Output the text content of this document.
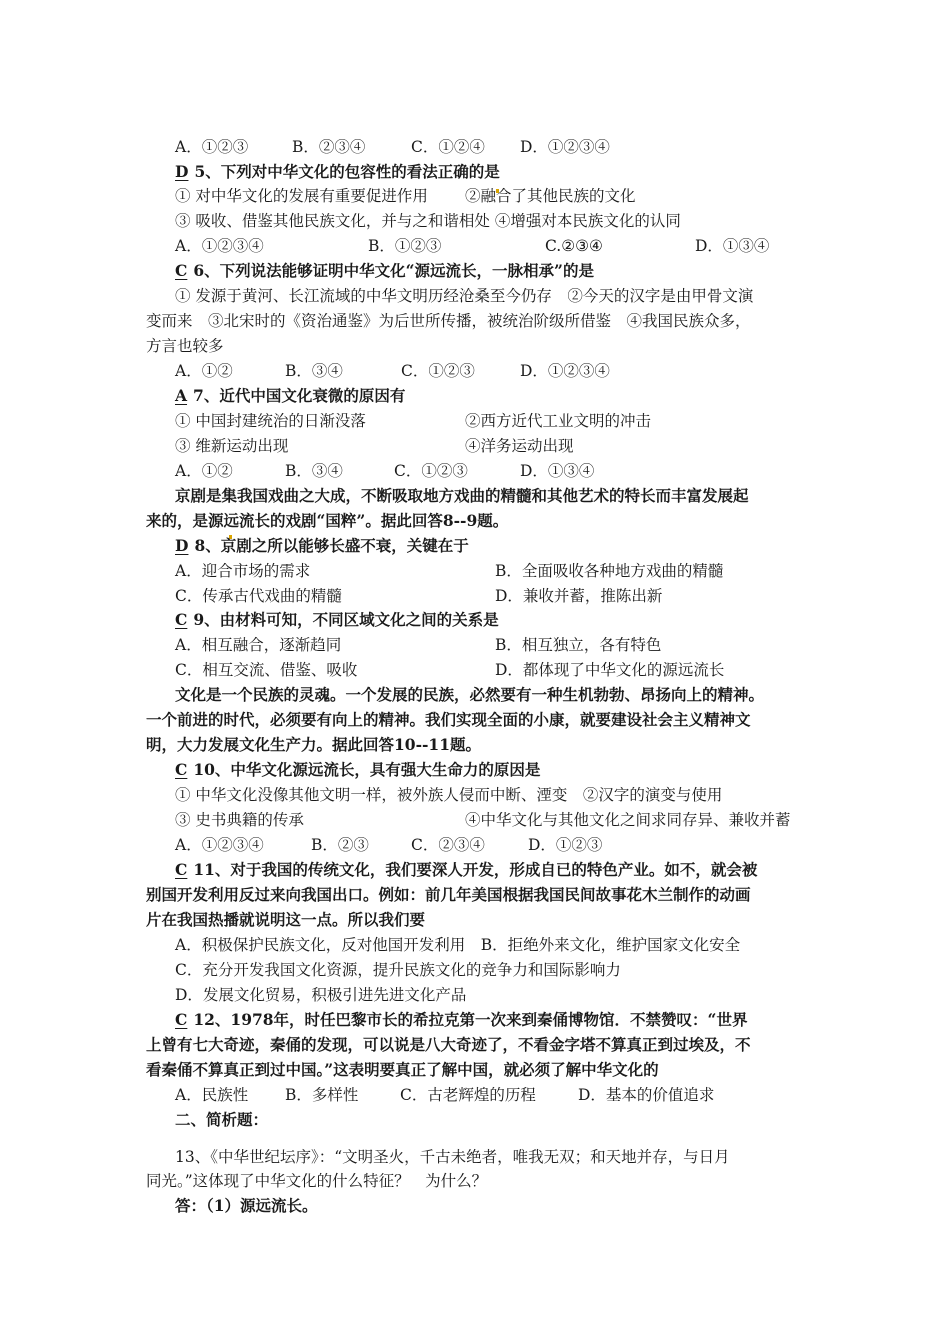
A．①②③	B．②③④	C．①②④ D．①②③④
D 5、下列对中华文化的包容性的看法正确的是
① 对中华文化的发展有重要促进作用 ②融合了其他民族的文化
③ 吸收、借鉴其他民族文化，并与之和谐相处 ④增强对本民族文化的认同
A．①②③④	B．①②③	C.②③④	D．①③④
C 6、下列说法能够证明中华文化“源远流长，一脉相承”的是
① 发源于黄河、长江流域的中华文明历经沧桑至今仍存　②今天的汉字是由甲骨文演
变而来　③北宋时的《资治通鉴》为后世所传播，被统治阶级所借鉴　④我国民族众多，
方言也较多
A．①②	B．③④	C．①②③	D．①②③④
A 7、近代中国文化衰微的原因有
① 中国封建统治的日渐没落	②西方近代工业文明的冲击
③ 维新运动出现	④洋务运动出现
A．①②	B．③④	C．①②③	D．①③④
京剧是集我国戏曲之大成，不断吸取地方戏曲的精髓和其他艺术的特长而丰富发展起
来的，是源远流长的戏剧“国粹”。据此回答8--9题。
D 8、京剧之所以能够长盛不衰，关键在于
A．迎合市场的需求	B．全面吸收各种地方戏曲的精髓
C．传承古代戏曲的精髓	D．兼收并蓄，推陈出新
C 9、由材料可知，不同区域文化之间的关系是
A．相互融合，逐渐趋同	B．相互独立，各有特色
C．相互交流、借鉴、吸收	D．都体现了中华文化的源远流长
文化是一个民族的灵魂。一个发展的民族，必然要有一种生机勃勃、昂扬向上的精神。
一个前进的时代，必须要有向上的精神。我们实现全面的小康，就要建设社会主义精神文
明，大力发展文化生产力。据此回答10--11题。
C 10、中华文化源远流长，具有强大生命力的原因是
① 中华文化没像其他文明一样，被外族人侵而中断、湮变　②汉字的演变与使用
③ 史书典籍的传承	④中华文化与其他文化之间求同存异、兼收并蓄
A．①②③④	B．②③	C．②③④	D．①②③
C 11、对于我国的传统文化，我们要深人开发，形成自已的特色产业。如不，就会被
别国开发利用反过来向我国出口。例如：前几年美国根据我国民间故事花木兰制作的动画
片在我国热播就说明这一点。所以我们要
A．积极保护民族文化，反对他国开发利用　B．拒绝外来文化，维护国家文化安全
C．充分开发我国文化资源，提升民族文化的竞争力和国际影响力
D．发展文化贸易，积极引进先进文化产品
C 12、1978年，时任巴黎市长的希拉克第一次来到秦俑博物馆．不禁赞叹：“世界
上曾有七大奇迹，秦俑的发现，可以说是八大奇迹了，不看金字塔不算真正到过埃及，不
看秦俑不算真正到过中国。”这表明要真正了解中国，就必须了解中华文化的
A．民族性 B．多样性	C．古老辉煌的历程	D．基本的价值追求
二、简析题：
13、《中华世纪坛序》：“文明圣火，千古未绝者，唯我无双；和天地并存，与日月
同光。”这体现了中华文化的什么特征？　为什么？
答：（1）源远流长。
